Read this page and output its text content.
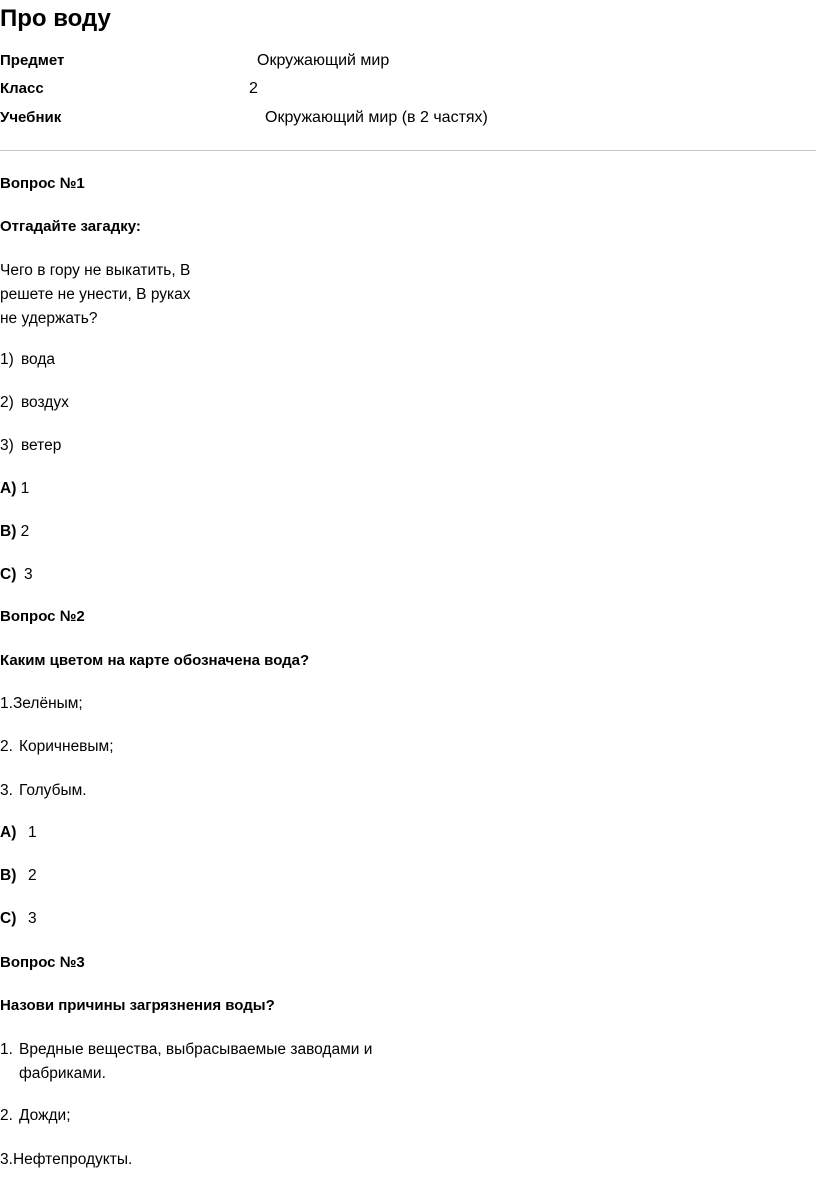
Про воду
Предмет	Окружающий мир
Класс	2
Учебник	Окружающий мир (в 2 частях)
Вопрос №1
Отгадайте загадку:
Чего в гору не выкатить, В решете не унести, В руках не удержать?
1) вода
2) воздух
3) ветер
A) 1
B) 2
C) 3
Вопрос №2
Каким цветом на карте обозначена вода?
1.Зелёным;
2. Коричневым;
3. Голубым.
A) 1
B) 2
C) 3
Вопрос №3
Назови причины загрязнения воды?
1. Вредные вещества, выбрасываемые заводами и фабриками.
2. Дожди;
3.Нефтепродукты.
